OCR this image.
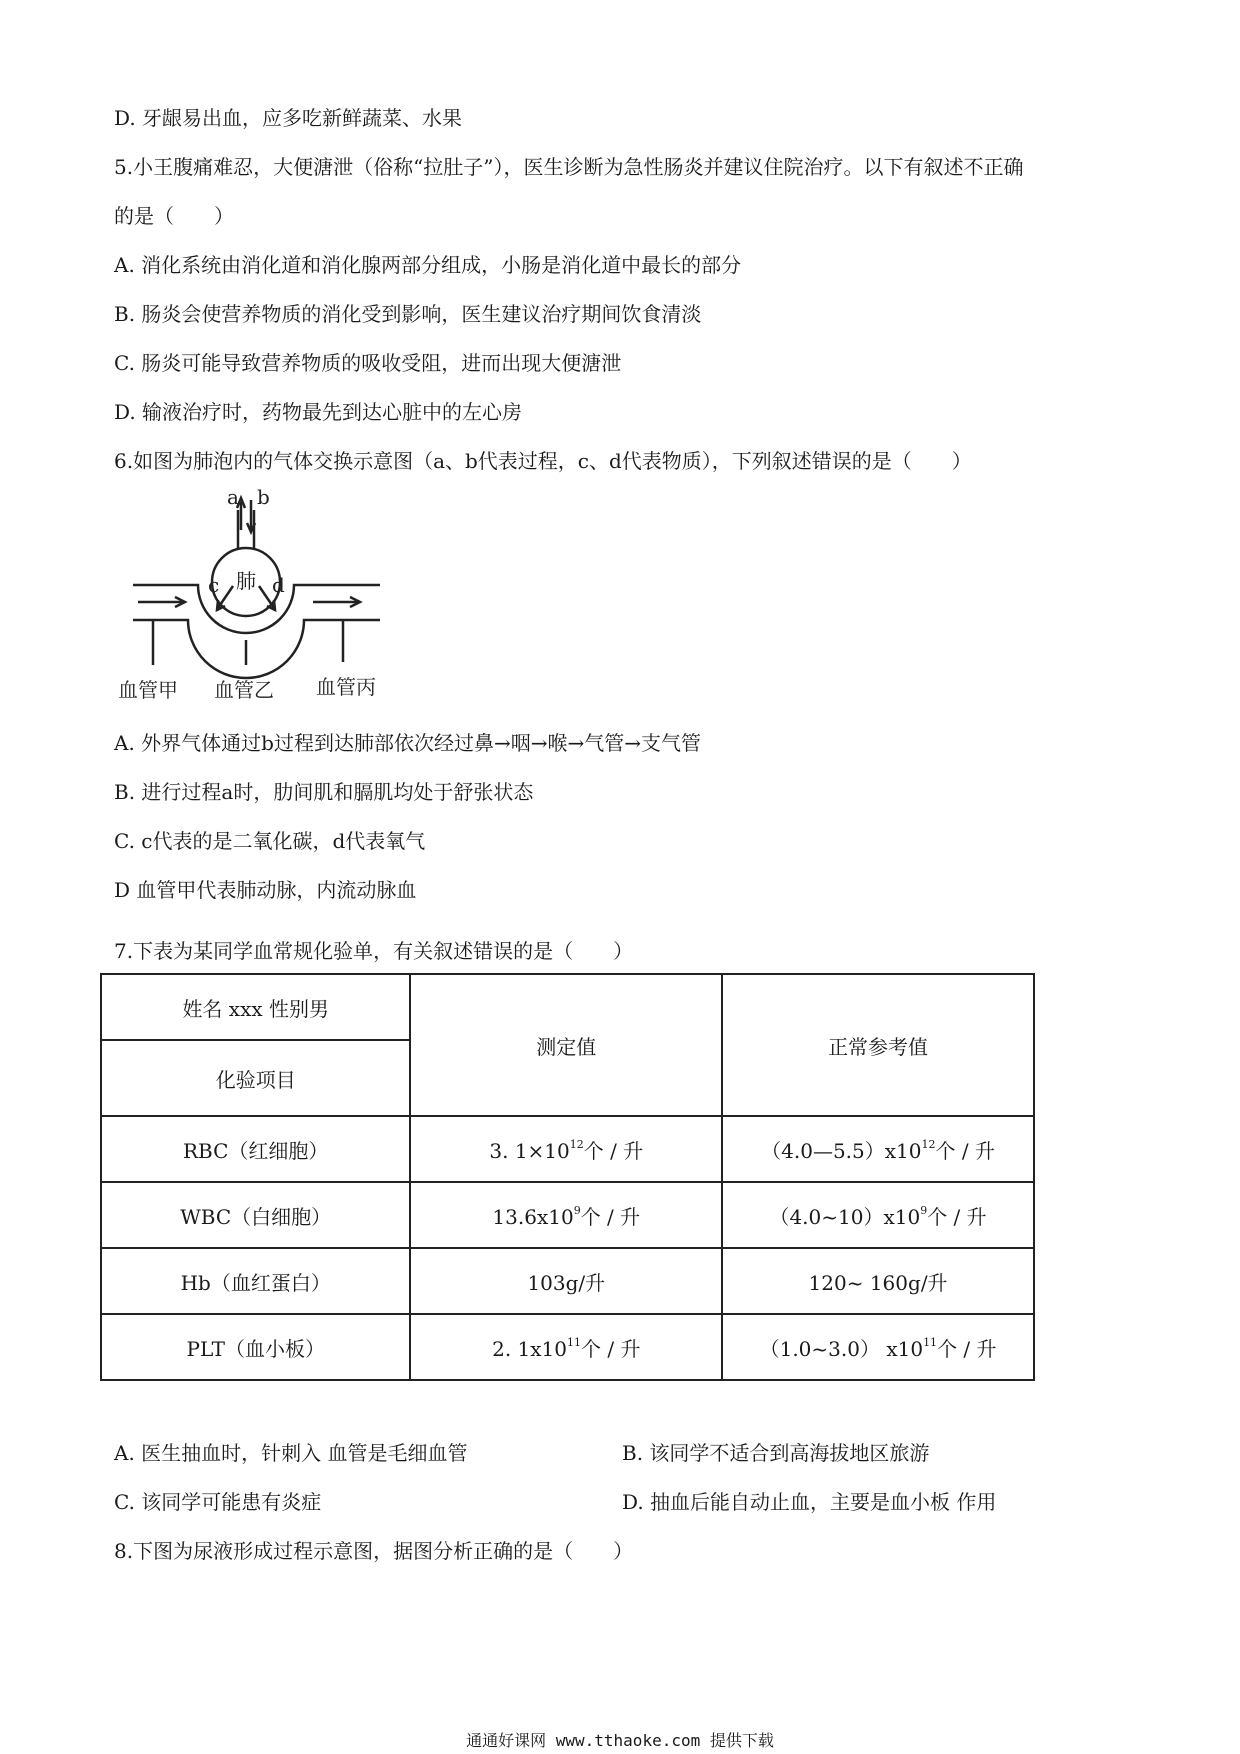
D. 牙龈易出血，应多吃新鲜蔬菜、水果
5.小王腹痛难忍，大便溏泄（俗称“拉肚子”），医生诊断为急性肠炎并建议住院治疗。以下有叙述不正确
的是（　　）
A. 消化系统由消化道和消化腺两部分组成，小肠是消化道中最长的部分
B. 肠炎会使营养物质的消化受到影响，医生建议治疗期间饮食清淡
C. 肠炎可能导致营养物质的吸收受阻，进而出现大便溏泄
D. 输液治疗时，药物最先到达心脏中的左心房
6.如图为肺泡内的气体交换示意图（a、b代表过程，c、d代表物质），下列叙述错误的是（　　）
a b
c	d
肺
血管甲 血管乙 血管丙
A. 外界气体通过b过程到达肺部依次经过鼻→咽→喉→气管→支气管
B. 进行过程a时，肋间肌和膈肌均处于舒张状态
C. c代表的是二氧化碳，d代表氧气
D 血管甲代表肺动脉，内流动脉血
7.下表为某同学血常规化验单，有关叙述错误的是（　　）
姓名 xxx 性别男	测定值	正常参考值
化验项目		
RBC（红细胞）	3. $1\times 10^{12}$个 / 升	$(4.0—5.5)x10^{12}$个 / 升
WBC（白细胞）	$13.6x10^9$个 / 升	$(4.0\sim 10)x10^9$个 / 升
Hb（血红蛋白）	103g/升	120~ 160g/升
PLT（血小板）	2. $1x10^{11}$个 / 升	（1.0~3.0） $x10^{11}$个 / 升
A. 医生抽血时，针刺入 血管是毛细血管	B. 该同学不适合到高海拔地区旅游
C. 该同学可能患有炎症	D. 抽血后能自动止血，主要是血小板 作用
8.下图为尿液形成过程示意图，据图分析正确的是（　　）
通通好课网 www.tthaoke.com 提供下载
